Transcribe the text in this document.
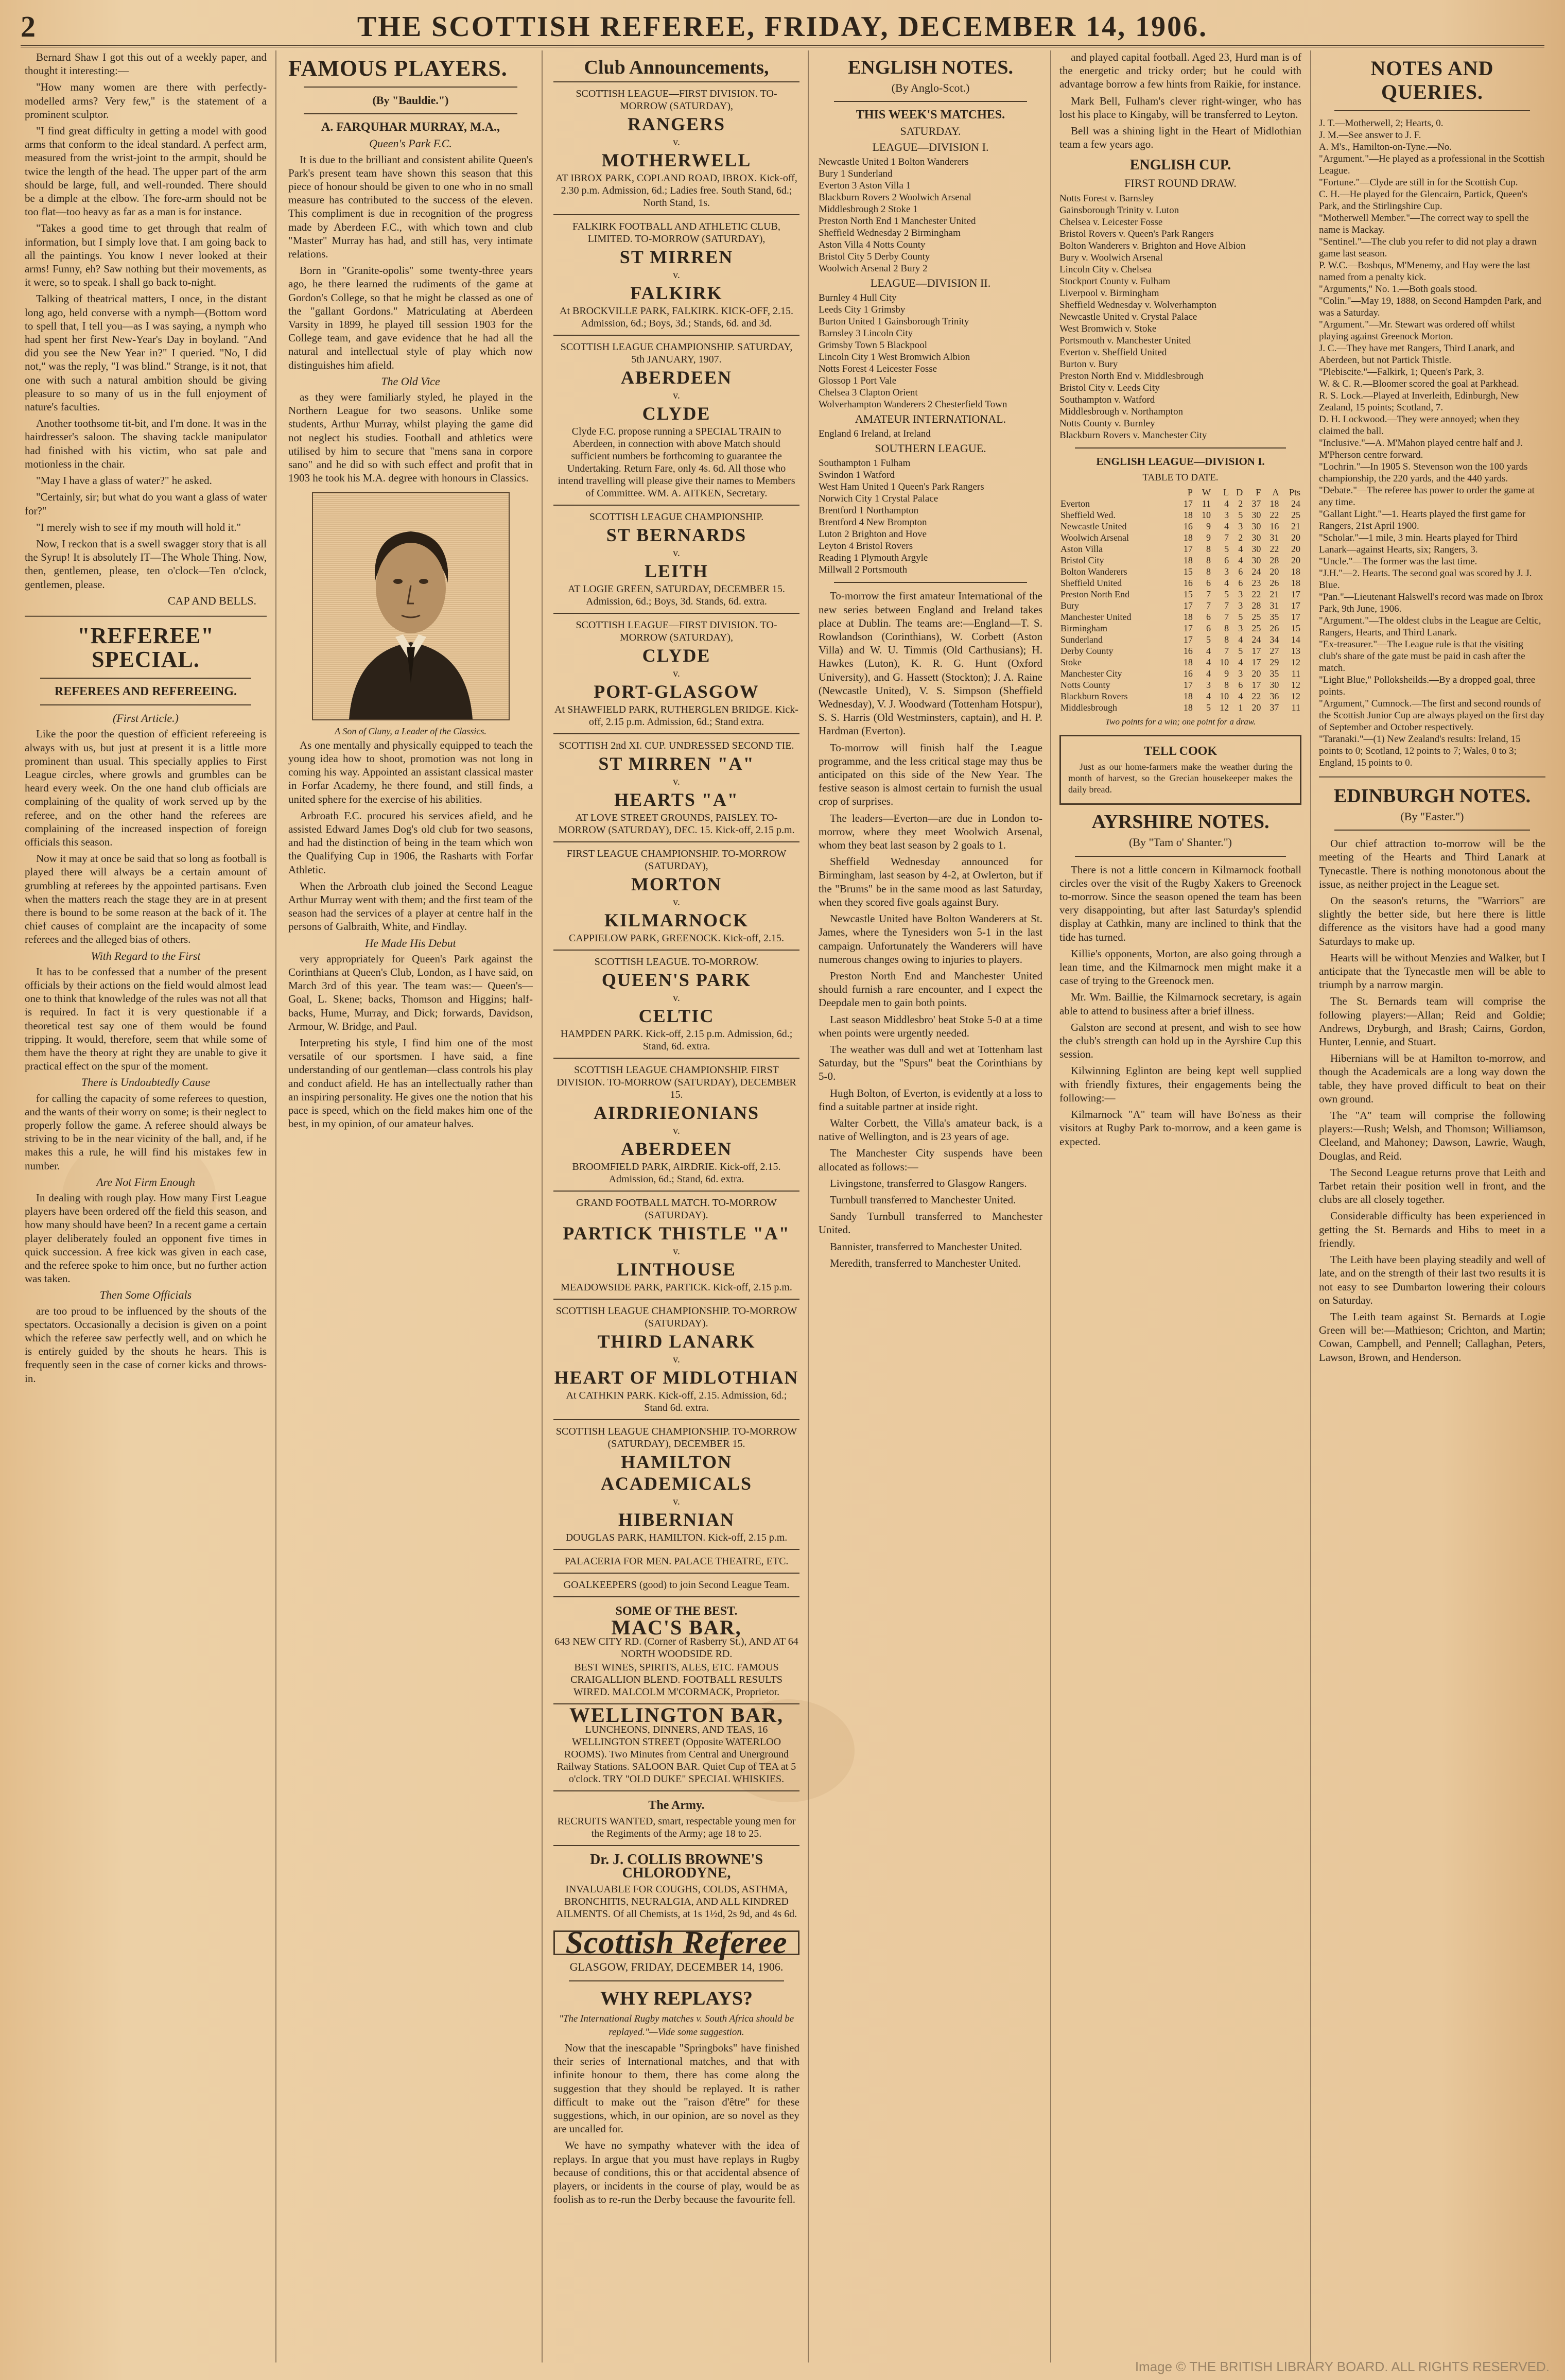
2	THE SCOTTISH REFEREE, FRIDAY, DECEMBER 14, 1906.

Bernard Shaw I got this out of a weekly paper, and thought it interesting:—

"How many women are there with perfectly-modelled arms? Very few," is the statement of a prominent sculptor.

"I find great difficulty in getting a model with good arms that conform to the ideal standard. A perfect arm, measured from the wrist-joint to the armpit, should be twice the length of the head. The upper part of the arm should be large, full, and well-rounded. There should be a dimple at the elbow. The fore-arm should not be too flat—too heavy as far as a man is for instance.

"Takes a good time to get through that realm of information, but I simply love that. I am going back to all the paintings. You know I never looked at their arms! Funny, eh? Saw nothing but their movements, as it were, so to speak. I shall go back to-night.

Talking of theatrical matters, I once, in the distant long ago, held converse with a nymph—(Bottom word to spell that, I tell you—as I was saying, a nymph who had spent her first New-Year's Day in boyland. "And did you see the New Year in?" I queried. "No, I did not," was the reply, "I was blind." Strange, is it not, that one with such a natural ambition should be giving pleasure to so many of us in the full enjoyment of nature's faculties.

Another toothsome tit-bit, and I'm done. It was in the hairdresser's saloon. The shaving tackle manipulator had finished with his victim, who sat pale and motionless in the chair.

"May I have a glass of water?" he asked.

"Certainly, sir; but what do you want a glass of water for?"

"I merely wish to see if my mouth will hold it."

Now, I reckon that is a swell swagger story that is all the Syrup! It is absolutely IT—The Whole Thing. Now, then, gentlemen, please, ten o'clock—Ten o'clock, gentlemen, please.

CAP AND BELLS.
"REFEREE" SPECIAL.
REFEREES AND REFEREEING.
(First Article.)

Like the poor the question of efficient refereeing is always with us, but just at present it is a little more prominent than usual. This specially applies to First League circles, where growls and grumbles can be heard every week. On the one hand club officials are complaining of the quality of work served up by the referee, and on the other hand the referees are complaining of the increased inspection of foreign officials this season.

Now it may at once be said that so long as football is played there will always be a certain amount of grumbling at referees by the appointed partisans. Even when the matters reach the stage they are in at present there is bound to be some reason at the back of it. The chief causes of complaint are the incapacity of some referees and the alleged bias of others.

With Regard to the First

It has to be confessed that a number of the present officials by their actions on the field would almost lead one to think that knowledge of the rules was not all that is required. In fact it is very questionable if a theoretical test say one of them would be found tripping. It would, therefore, seem that while some of them have the theory at right they are unable to give it practical effect on the spur of the moment.

There is Undoubtedly Cause

for calling the capacity of some referees to question, and the wants of their worry on some; is their neglect to properly follow the game. A referee should always be striving to be in the near vicinity of the ball, and, if he makes this a rule, he will find his mistakes few in number.

Are Not Firm Enough

In dealing with rough play. How many First League players have been ordered off the field this season, and how many should have been? In a recent game a certain player deliberately fouled an opponent five times in quick succession. A free kick was given in each case, and the referee spoke to him once, but no further action was taken.

Then Some Officials

are too proud to be influenced by the shouts of the spectators. Occasionally a decision is given on a point which the referee saw perfectly well, and on which he is entirely guided by the shouts he hears. This is frequently seen in the case of corner kicks and throws-in.

FAMOUS PLAYERS.
(By "Bauldie.")
A. FARQUHAR MURRAY, M.A.,
Queen's Park F.C.

It is due to the brilliant and consistent abilite Queen's Park's present team have shown this season that this piece of honour should be given to one who in no small measure has contributed to the success of the eleven. This compliment is due in recognition of the progress made by Aberdeen F.C., with which town and club "Master" Murray has had, and still has, very intimate relations.

Born in "Granite-opolis" some twenty-three years ago, he there learned the rudiments of the game at Gordon's College, so that he might be classed as one of the "gallant Gordons." Matriculating at Aberdeen Varsity in 1899, he played till session 1903 for the College team, and gave evidence that he had all the natural and intellectual style of play which now distinguishes him afield.

The Old Vice

as they were familiarly styled, he played in the Northern League for two seasons. Unlike some students, Arthur Murray, whilst playing the game did not neglect his studies. Football and athletics were utilised by him to secure that "mens sana in corpore sano" and he did so with such effect and profit that in 1903 he took his M.A. degree with honours in Classics.

A Son of Cluny, a Leader of the Classics.

As one mentally and physically equipped to teach the young idea how to shoot, promotion was not long in coming his way. Appointed an assistant classical master in Forfar Academy, he there found, and still finds, a united sphere for the exercise of his abilities.

Arbroath F.C. procured his services afield, and he assisted Edward James Dog's old club for two seasons, and had the distinction of being in the team which won the Qualifying Cup in 1906, the Rasharts with Forfar Athletic.

When the Arbroath club joined the Second League Arthur Murray went with them; and the first team of the season had the services of a player at centre half in the persons of Galbraith, White, and Findlay.

He Made His Debut

very appropriately for Queen's Park against the Corinthians at Queen's Club, London, as I have said, on March 3rd of this year. The team was:— Queen's—Goal, L. Skene; backs, Thomson and Higgins; half-backs, Hume, Murray, and Dick; forwards, Davidson, Armour, W. Bridge, and Paul.

Interpreting his style, I find him one of the most versatile of our sportsmen. I have said, a fine understanding of our gentleman—class controls his play and conduct afield. He has an intellectually rather than an inspiring personality. He gives one the notion that his pace is speed, which on the field makes him one of the best, in my opinion, of our amateur halves.

Club Announcements,
SCOTTISH LEAGUE—FIRST DIVISION. TO-MORROW (SATURDAY),
RANGERS
v.
MOTHERWELL
AT IBROX PARK, COPLAND ROAD, IBROX. Kick-off, 2.30 p.m. Admission, 6d.; Ladies free. South Stand, 6d.; North Stand, 1s.
FALKIRK FOOTBALL AND ATHLETIC CLUB, LIMITED. TO-MORROW (SATURDAY),
ST MIRREN
v.
FALKIRK
At BROCKVILLE PARK, FALKIRK. KICK-OFF, 2.15. Admission, 6d.; Boys, 3d.; Stands, 6d. and 3d.
SCOTTISH LEAGUE CHAMPIONSHIP. SATURDAY, 5th JANUARY, 1907.
ABERDEEN
v.
CLYDE
Clyde F.C. propose running a SPECIAL TRAIN to Aberdeen, in connection with above Match should sufficient numbers be forthcoming to guarantee the Undertaking. Return Fare, only 4s. 6d. All those who intend travelling will please give their names to Members of Committee. WM. A. AITKEN, Secretary.
SCOTTISH LEAGUE CHAMPIONSHIP.
ST BERNARDS
v.
LEITH
AT LOGIE GREEN, SATURDAY, DECEMBER 15. Admission, 6d.; Boys, 3d. Stands, 6d. extra.
SCOTTISH LEAGUE—FIRST DIVISION. TO-MORROW (SATURDAY),
CLYDE
v.
PORT-GLASGOW
At SHAWFIELD PARK, RUTHERGLEN BRIDGE. Kick-off, 2.15 p.m. Admission, 6d.; Stand extra.
SCOTTISH 2nd XI. CUP. UNDRESSED SECOND TIE.
ST MIRREN "A"
v.
HEARTS "A"
AT LOVE STREET GROUNDS, PAISLEY. TO-MORROW (SATURDAY), DEC. 15. Kick-off, 2.15 p.m.
FIRST LEAGUE CHAMPIONSHIP. TO-MORROW (SATURDAY),
MORTON
v.
KILMARNOCK
CAPPIELOW PARK, GREENOCK. Kick-off, 2.15.
SCOTTISH LEAGUE. TO-MORROW.
QUEEN'S PARK
v.
CELTIC
HAMPDEN PARK. Kick-off, 2.15 p.m. Admission, 6d.; Stand, 6d. extra.
SCOTTISH LEAGUE CHAMPIONSHIP. FIRST DIVISION. TO-MORROW (SATURDAY), DECEMBER 15.
AIRDRIEONIANS
v.
ABERDEEN
BROOMFIELD PARK, AIRDRIE. Kick-off, 2.15. Admission, 6d.; Stand, 6d. extra.
GRAND FOOTBALL MATCH. TO-MORROW (SATURDAY).
PARTICK THISTLE "A"
v.
LINTHOUSE
MEADOWSIDE PARK, PARTICK. Kick-off, 2.15 p.m.
SCOTTISH LEAGUE CHAMPIONSHIP. TO-MORROW (SATURDAY).
THIRD LANARK
v.
HEART OF MIDLOTHIAN
At CATHKIN PARK. Kick-off, 2.15. Admission, 6d.; Stand 6d. extra.
SCOTTISH LEAGUE CHAMPIONSHIP. TO-MORROW (SATURDAY), DECEMBER 15.
HAMILTON ACADEMICALS
v.
HIBERNIAN
DOUGLAS PARK, HAMILTON. Kick-off, 2.15 p.m.
PALACERIA FOR MEN. PALACE THEATRE, ETC.
GOALKEEPERS (good) to join Second League Team.
SOME OF THE BEST.
MAC'S BAR,
643 NEW CITY RD. (Corner of Rasberry St.), AND AT 64 NORTH WOODSIDE RD.
BEST WINES, SPIRITS, ALES, ETC. FAMOUS CRAIGALLION BLEND. FOOTBALL RESULTS WIRED. MALCOLM M'CORMACK, Proprietor.
WELLINGTON BAR,
LUNCHEONS, DINNERS, AND TEAS, 16 WELLINGTON STREET (Opposite WATERLOO ROOMS). Two Minutes from Central and Unerground Railway Stations. SALOON BAR. Quiet Cup of TEA at 5 o'clock. TRY "OLD DUKE" SPECIAL WHISKIES.
The Army.
RECRUITS WANTED, smart, respectable young men for the Regiments of the Army; age 18 to 25.
Dr. J. COLLIS BROWNE'S CHLORODYNE,
INVALUABLE FOR COUGHS, COLDS, ASTHMA, BRONCHITIS, NEURALGIA, AND ALL KINDRED AILMENTS. Of all Chemists, at 1s 1½d, 2s 9d, and 4s 6d.
Scottish Referee
GLASGOW, FRIDAY, DECEMBER 14, 1906.
WHY REPLAYS?
"The International Rugby matches v. South Africa should be replayed."—Vide some suggestion.

Now that the inescapable "Springboks" have finished their series of International matches, and that with infinite honour to them, there has come along the suggestion that they should be replayed. It is rather difficult to make out the "raison d'être" for these suggestions, which, in our opinion, are so novel as they are uncalled for.

We have no sympathy whatever with the idea of replays. In argue that you must have replays in Rugby because of conditions, this or that accidental absence of players, or incidents in the course of play, would be as foolish as to re-run the Derby because the favourite fell.

ENGLISH NOTES.
(By Anglo-Scot.)
THIS WEEK'S MATCHES.
SATURDAY.
LEAGUE—DIVISION I.
Newcastle United 1 Bolton Wanderers
Bury 1 Sunderland
Everton 3 Aston Villa 1
Blackburn Rovers 2 Woolwich Arsenal
Middlesbrough 2 Stoke 1
Preston North End 1 Manchester United
Sheffield Wednesday 2 Birmingham
Aston Villa 4 Notts County
Bristol City 5 Derby County
Woolwich Arsenal 2 Bury 2
LEAGUE—DIVISION II.
Burnley 4 Hull City
Leeds City 1 Grimsby
Burton United 1 Gainsborough Trinity
Barnsley 3 Lincoln City
Grimsby Town 5 Blackpool
Lincoln City 1 West Bromwich Albion
Notts Forest 4 Leicester Fosse
Glossop 1 Port Vale
Chelsea 3 Clapton Orient
Wolverhampton Wanderers 2 Chesterfield Town
AMATEUR INTERNATIONAL.
England 6 Ireland, at Ireland
SOUTHERN LEAGUE.
Southampton 1 Fulham
Swindon 1 Watford
West Ham United 1 Queen's Park Rangers
Norwich City 1 Crystal Palace
Brentford 1 Northampton
Brentford 4 New Brompton
Luton 2 Brighton and Hove
Leyton 4 Bristol Rovers
Reading 1 Plymouth Argyle
Millwall 2 Portsmouth

To-morrow the first amateur International of the new series between England and Ireland takes place at Dublin. The teams are:—England—T. S. Rowlandson (Corinthians), W. Corbett (Aston Villa) and W. U. Timmis (Old Carthusians); H. Hawkes (Luton), K. R. G. Hunt (Oxford University), and G. Hassett (Stockton); J. A. Raine (Newcastle United), V. S. Simpson (Sheffield Wednesday), V. J. Woodward (Tottenham Hotspur), S. S. Harris (Old Westminsters, captain), and H. P. Hardman (Everton).

To-morrow will finish half the League programme, and the less critical stage may thus be anticipated on this side of the New Year. The festive season is almost certain to furnish the usual crop of surprises.

The leaders—Everton—are due in London to-morrow, where they meet Woolwich Arsenal, whom they beat last season by 2 goals to 1.

Sheffield Wednesday announced for Birmingham, last season by 4-2, at Owlerton, but if the "Brums" be in the same mood as last Saturday, when they scored five goals against Bury.

Newcastle United have Bolton Wanderers at St. James, where the Tynesiders won 5-1 in the last campaign. Unfortunately the Wanderers will have numerous changes owing to injuries to players.

Preston North End and Manchester United should furnish a rare encounter, and I expect the Deepdale men to gain both points.

Last season Middlesbro' beat Stoke 5-0 at a time when points were urgently needed.

The weather was dull and wet at Tottenham last Saturday, but the "Spurs" beat the Corinthians by 5-0.

Hugh Bolton, of Everton, is evidently at a loss to find a suitable partner at inside right.

Walter Corbett, the Villa's amateur back, is a native of Wellington, and is 23 years of age.

The Manchester City suspends have been allocated as follows:—

Livingstone, transferred to Glasgow Rangers.

Turnbull transferred to Manchester United.

Sandy Turnbull transferred to Manchester United.

Bannister, transferred to Manchester United.

Meredith, transferred to Manchester United.

and played capital football. Aged 23, Hurd man is of the energetic and tricky order; but he could with advantage borrow a few hints from Raikie, for instance.

Mark Bell, Fulham's clever right-winger, who has lost his place to Kingaby, will be transferred to Leyton.

Bell was a shining light in the Heart of Midlothian team a few years ago.

ENGLISH CUP.
FIRST ROUND DRAW.
Notts Forest v. Barnsley
Gainsborough Trinity v. Luton
Chelsea v. Leicester Fosse
Bristol Rovers v. Queen's Park Rangers
Bolton Wanderers v. Brighton and Hove Albion
Bury v. Woolwich Arsenal
Lincoln City v. Chelsea
Stockport County v. Fulham
Liverpool v. Birmingham
Sheffield Wednesday v. Wolverhampton
Newcastle United v. Crystal Palace
West Bromwich v. Stoke
Portsmouth v. Manchester United
Everton v. Sheffield United
Burton v. Bury
Preston North End v. Middlesbrough
Bristol City v. Leeds City
Southampton v. Watford
Middlesbrough v. Northampton
Notts County v. Burnley
Blackburn Rovers v. Manchester City
ENGLISH LEAGUE—DIVISION I.
TABLE TO DATE.
	P	W	L	D	F	A	Pts
Everton	17	11	4	2	37	18	24
Sheffield Wed.	18	10	3	5	30	22	25
Newcastle United	16	9	4	3	30	16	21
Woolwich Arsenal	18	9	7	2	30	31	20
Aston Villa	17	8	5	4	30	22	20
Bristol City	18	8	6	4	30	28	20
Bolton Wanderers	15	8	3	6	24	20	18
Sheffield United	16	6	4	6	23	26	18
Preston North End	15	7	5	3	22	21	17
Bury	17	7	7	3	28	31	17
Manchester United	18	6	7	5	25	35	17
Birmingham	17	6	8	3	25	26	15
Sunderland	17	5	8	4	24	34	14
Derby County	16	4	7	5	17	27	13
Stoke	18	4	10	4	17	29	12
Manchester City	16	4	9	3	20	35	11
Notts County	17	3	8	6	17	30	12
Blackburn Rovers	18	4	10	4	22	36	12
Middlesbrough	18	5	12	1	20	37	11
Two points for a win; one point for a draw.
TELL COOK

Just as our home-farmers make the weather during the month of harvest, so the Grecian housekeeper makes the daily bread.

AYRSHIRE NOTES.
(By "Tam o' Shanter.")

There is not a little concern in Kilmarnock football circles over the visit of the Rugby Xakers to Greenock to-morrow. Since the season opened the team has been very disappointing, but after last Saturday's splendid display at Cathkin, many are inclined to think that the tide has turned.

Killie's opponents, Morton, are also going through a lean time, and the Kilmarnock men might make it a case of trying to the Greenock men.

Mr. Wm. Baillie, the Kilmarnock secretary, is again able to attend to business after a brief illness.

Galston are second at present, and wish to see how the club's strength can hold up in the Ayrshire Cup this session.

Kilwinning Eglinton are being kept well supplied with friendly fixtures, their engagements being the following:—

Kilmarnock "A" team will have Bo'ness as their visitors at Rugby Park to-morrow, and a keen game is expected.

NOTES AND QUERIES.
J. T.—Motherwell, 2; Hearts, 0.
J. M.—See answer to J. F.
A. M's., Hamilton-on-Tyne.—No.
"Argument."—He played as a professional in the Scottish League.
"Fortune."—Clyde are still in for the Scottish Cup.
C. H.—He played for the Glencairn, Partick, Queen's Park, and the Stirlingshire Cup.
"Motherwell Member."—The correct way to spell the name is Mackay.
"Sentinel."—The club you refer to did not play a drawn game last season.
P. W.C.—Bosbqus, M'Menemy, and Hay were the last named from a penalty kick.
"Arguments," No. 1.—Both goals stood.
"Colin."—May 19, 1888, on Second Hampden Park, and was a Saturday.
"Argument."—Mr. Stewart was ordered off whilst playing against Greenock Morton.
J. C.—They have met Rangers, Third Lanark, and Aberdeen, but not Partick Thistle.
"Plebiscite."—Falkirk, 1; Queen's Park, 3.
W. & C. R.—Bloomer scored the goal at Parkhead.
R. S. Lock.—Played at Inverleith, Edinburgh, New Zealand, 15 points; Scotland, 7.
D. H. Lockwood.—They were annoyed; when they claimed the ball.
"Inclusive."—A. M'Mahon played centre half and J. M'Pherson centre forward.
"Lochrin."—In 1905 S. Stevenson won the 100 yards championship, the 220 yards, and the 440 yards.
"Debate."—The referee has power to order the game at any time.
"Gallant Light."—1. Hearts played the first game for Rangers, 21st April 1900.
"Scholar."—1 mile, 3 min. Hearts played for Third Lanark—against Hearts, six; Rangers, 3.
"Uncle."—The former was the last time.
"J.H."—2. Hearts. The second goal was scored by J. J. Blue.
"Pan."—Lieutenant Halswell's record was made on Ibrox Park, 9th June, 1906.
"Argument."—The oldest clubs in the League are Celtic, Rangers, Hearts, and Third Lanark.
"Ex-treasurer."—The League rule is that the visiting club's share of the gate must be paid in cash after the match.
"Light Blue," Polloksheilds.—By a dropped goal, three points.
"Argument," Cumnock.—The first and second rounds of the Scottish Junior Cup are always played on the first day of September and October respectively.
"Taranaki."—(1) New Zealand's results: Ireland, 15 points to 0; Scotland, 12 points to 7; Wales, 0 to 3; England, 15 points to 0.
EDINBURGH NOTES.
(By "Easter.")

Our chief attraction to-morrow will be the meeting of the Hearts and Third Lanark at Tynecastle. There is nothing monotonous about the issue, as neither project in the League set.

On the season's returns, the "Warriors" are slightly the better side, but here there is little difference as the visitors have had a good many Saturdays to make up.

Hearts will be without Menzies and Walker, but I anticipate that the Tynecastle men will be able to triumph by a narrow margin.

The St. Bernards team will comprise the following players:—Allan; Reid and Goldie; Andrews, Dryburgh, and Brash; Cairns, Gordon, Hunter, Lennie, and Stuart.

Hibernians will be at Hamilton to-morrow, and though the Academicals are a long way down the table, they have proved difficult to beat on their own ground.

The "A" team will comprise the following players:—Rush; Welsh, and Thomson; Williamson, Cleeland, and Mahoney; Dawson, Lawrie, Waugh, Douglas, and Reid.

The Second League returns prove that Leith and Tarbet retain their position well in front, and the clubs are all closely together.

Considerable difficulty has been experienced in getting the St. Bernards and Hibs to meet in a friendly.

The Leith have been playing steadily and well of late, and on the strength of their last two results it is not easy to see Dumbarton lowering their colours on Saturday.

The Leith team against St. Bernards at Logie Green will be:—Mathieson; Crichton, and Martin; Cowan, Campbell, and Pennell; Callaghan, Peters, Lawson, Brown, and Henderson.

Image © THE BRITISH LIBRARY BOARD. ALL RIGHTS RESERVED.
